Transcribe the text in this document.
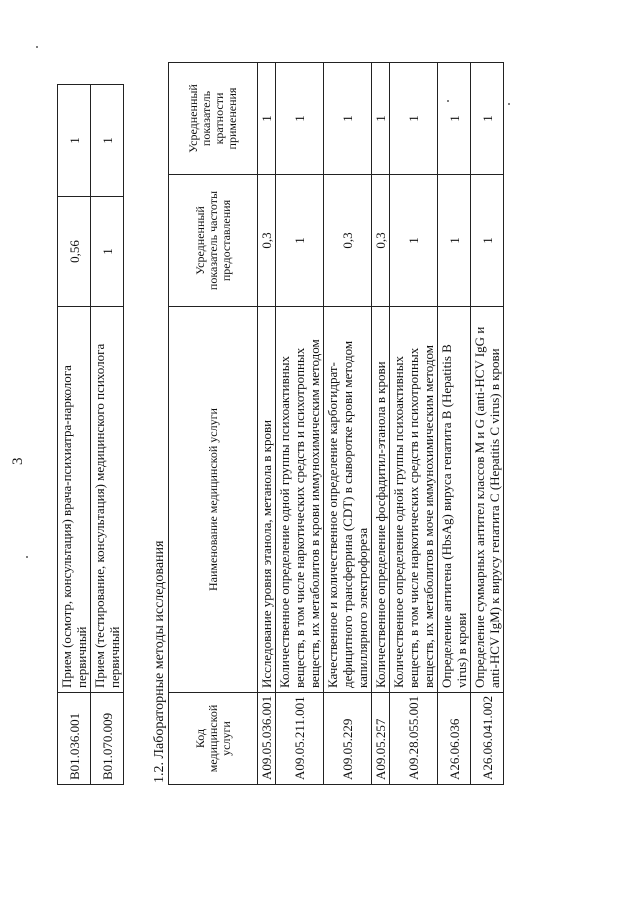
3
B01.036.001	Прием (осмотр, консультация) врача-психиатра-нарколога первичный	0,56	1
B01.070.009	Прием (тестирование, консультация) медицинского психолога первичный	1	1
1.2. Лабораторные методы исследования Код медицинской услуги	Наименование медицинской услуги	Усредненный показатель частоты предоставления	Усредненный показатель кратности применения
A09.05.036.001	Исследование уровня этанола, метанола в крови	0,3	1
A09.05.211.001	Количественное определение одной группы психоактивных веществ, в том числе наркотических средств и психотропных веществ, их метаболитов в крови иммунохимическим методом	1	1
A09.05.229	Качественное и количественное определение карбогидрат-дефицитного трансферрина (CDT) в сыворотке крови методом капиллярного электрофореза	0,3	1
A09.05.257	Количественное определение фосфадитил-этанола в крови	0,3	1
A09.28.055.001	Количественное определение одной группы психоактивных веществ, в том числе наркотических средств и психотропных веществ, их метаболитов в моче иммунохимическим методом	1	1
A26.06.036	Определение антигена (HbsAg) вируса гепатита B (Hepatitis B virus) в крови	1	1
A26.06.041.002	Определение суммарных антител классов M и G (anti-HCV IgG и anti-HCV IgM) к вирусу гепатита C (Hepatitis C virus) в крови	1	1
